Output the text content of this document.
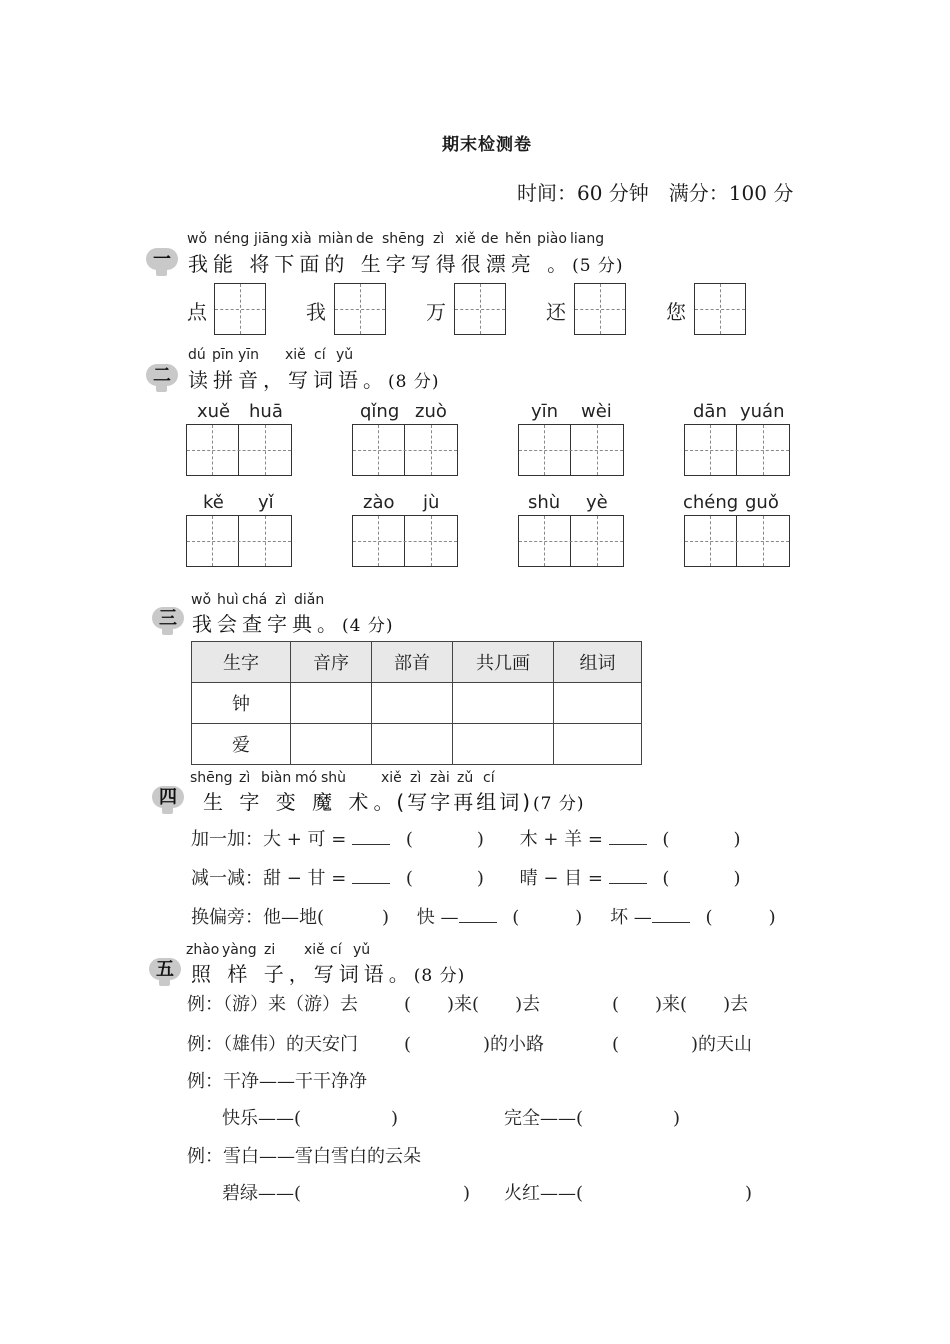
期末检测卷
时间：60 分钟　满分：100 分
一
wǒ néng jiāng xià miàn de shēng zì xiě de hěn piào liang
我能 将下面的 生字写得很漂亮 。(5 分)
点	我	万	还	您
二
dú pīn yīn xiě cí yǔ
读拼音，写词语。(8 分)
xuě huā	qǐng zuò	yīn wèi	dān yuán
kě yǐ	zào jù	shù yè	chéng guǒ
三
wǒ huì chá zì diǎn
我会查字典。(4 分)
生字	音序	部首	共几画	组词
钟				
爱				
四
shēng zì biàn mó shù xiě zì zài zǔ cí
生 字 变 魔 术。(写字再组词)(7 分)
加一加：大 + 可 =	(	) 木 + 羊 =	(	)
减一减：甜 − 甘 =	(	) 晴 − 目 =	(	)
换偏旁：他—地(	) 快 —	(	) 坏 —	(	)
五
zhào yàng zi xiě cí yǔ
照 样 子，写词语。(8 分)
例：（游）来（游）去	(　　)来(　　)去	(　　)来(　　)去
例：（雄伟）的天安门	(　　　　)的小路	(　　　　)的天山
例：干净——干干净净
快乐——(　　　　　)	完全——(　　　　　)
例：雪白——雪白雪白的云朵
碧绿——(　　　　　　　　　) 火红——(　　　　　　　　　)
